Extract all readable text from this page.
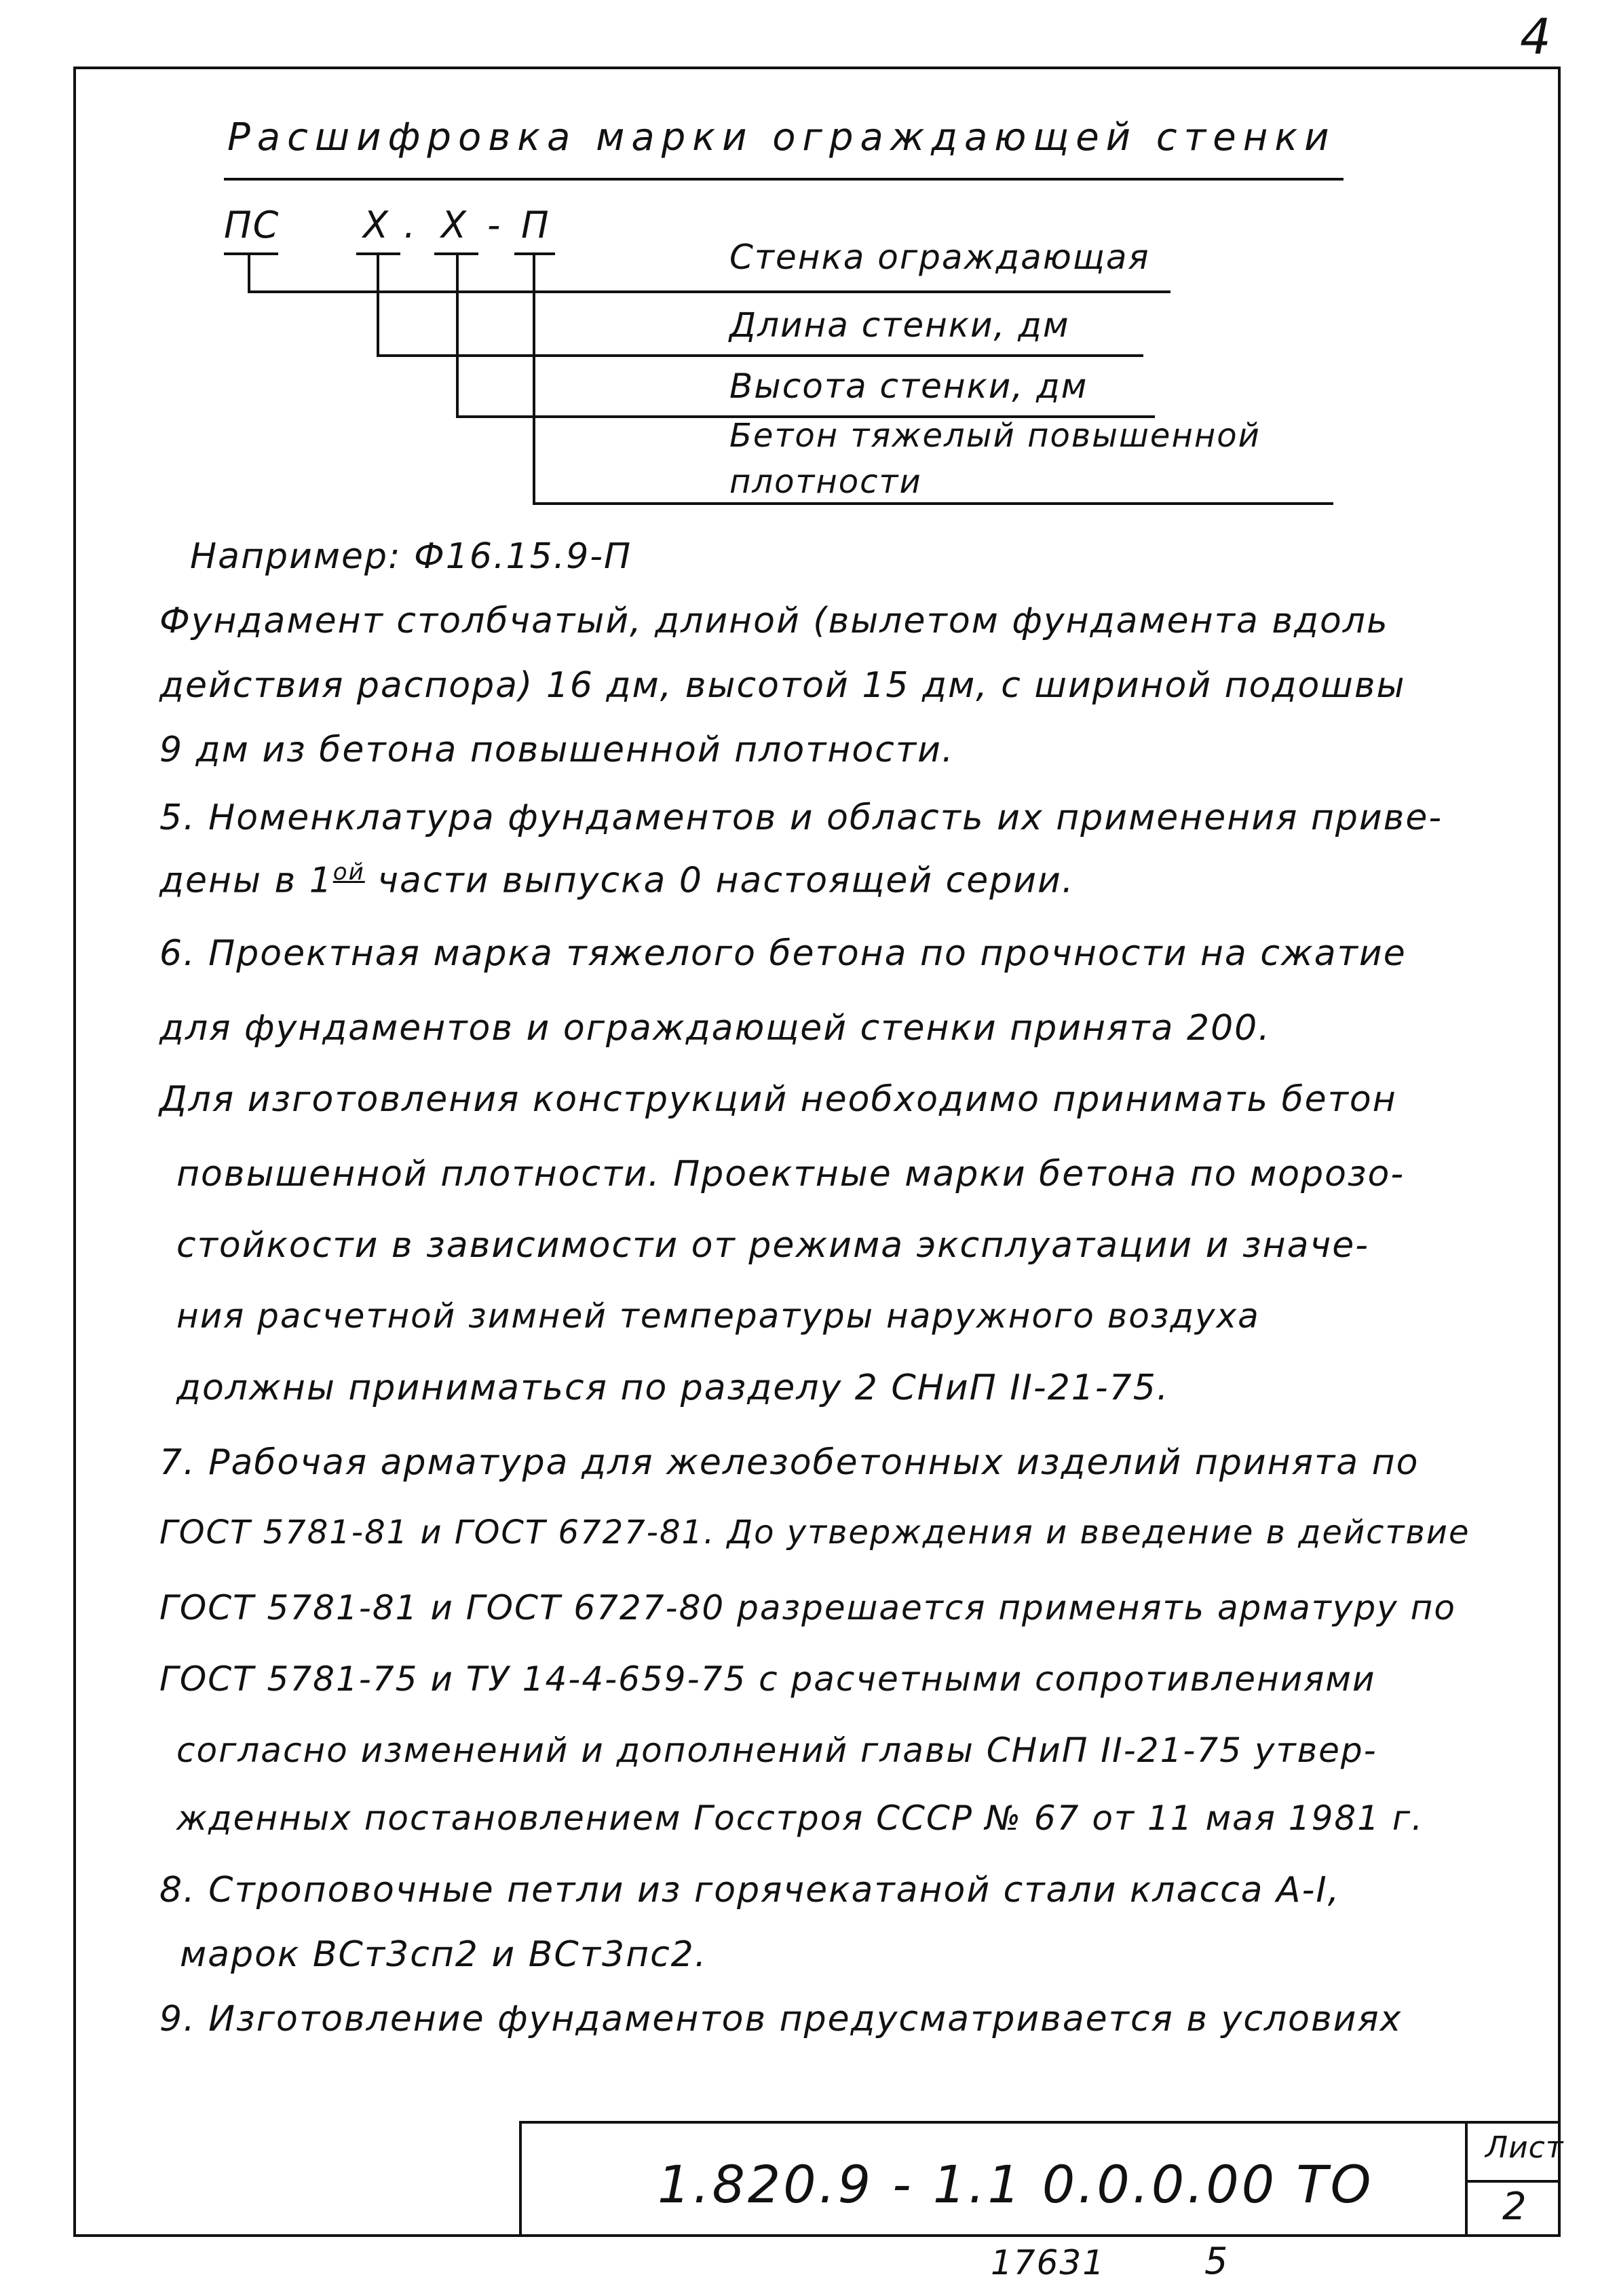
4
Расшифровка марки ограждающей стенки
ПС Х . Х - П
Стенка ограждающая
Длина стенки, дм
Высота стенки, дм
Бетон тяжелый повышенной
плотности
Например: Ф16.15.9-П
Фундамент столбчатый, длиной (вылетом фундамента вдоль
действия распора) 16 дм, высотой 15 дм, с шириной подошвы
9 дм из бетона повышенной плотности.
5. Номенклатура фундаментов и область их применения приве-
дены в $1^{ой}$ части выпуска 0 настоящей серии.
6. Проектная марка тяжелого бетона по прочности на сжатие
для фундаментов и ограждающей стенки принята 200.
Для изготовления конструкций необходимо принимать бетон
повышенной плотности. Проектные марки бетона по морозо-
стойкости в зависимости от режима эксплуатации и значе-
ния расчетной зимней температуры наружного воздуха
должны приниматься по разделу 2 СНиП II-21-75.
7. Рабочая арматура для железобетонных изделий принята по
ГОСТ 5781-81 и ГОСТ 6727-81. До утверждения и введение в действие
ГОСТ 5781-81 и ГОСТ 6727-80 разрешается применять арматуру по
ГОСТ 5781-75 и ТУ 14-4-659-75 с расчетными сопротивлениями
согласно изменений и дополнений главы СНиП II-21-75 утвер-
жденных постановлением Госстроя СССР № 67 от 11 мая 1981 г.
8. Строповочные петли из горячекатаной стали класса А-I,
марок ВСт3сп2 и ВСт3пс2.
9. Изготовление фундаментов предусматривается в условиях
1.820.9 - 1.1 0.0.0.00 ТО
Лист
2
17631	5
